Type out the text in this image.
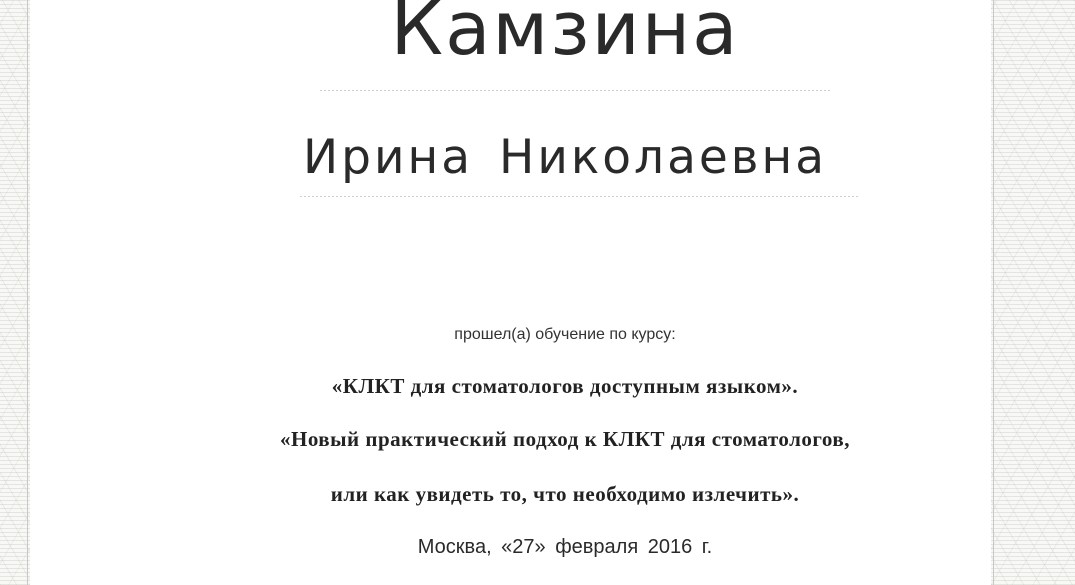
Камзина
Ирина Николаевна
прошел(а) обучение по курсу:
«КЛКТ для стоматологов доступным языком».
«Новый практический подход к КЛКТ для стоматологов,
или как увидеть то, что необходимо излечить».
Москва, «27» февраля 2016 г.
